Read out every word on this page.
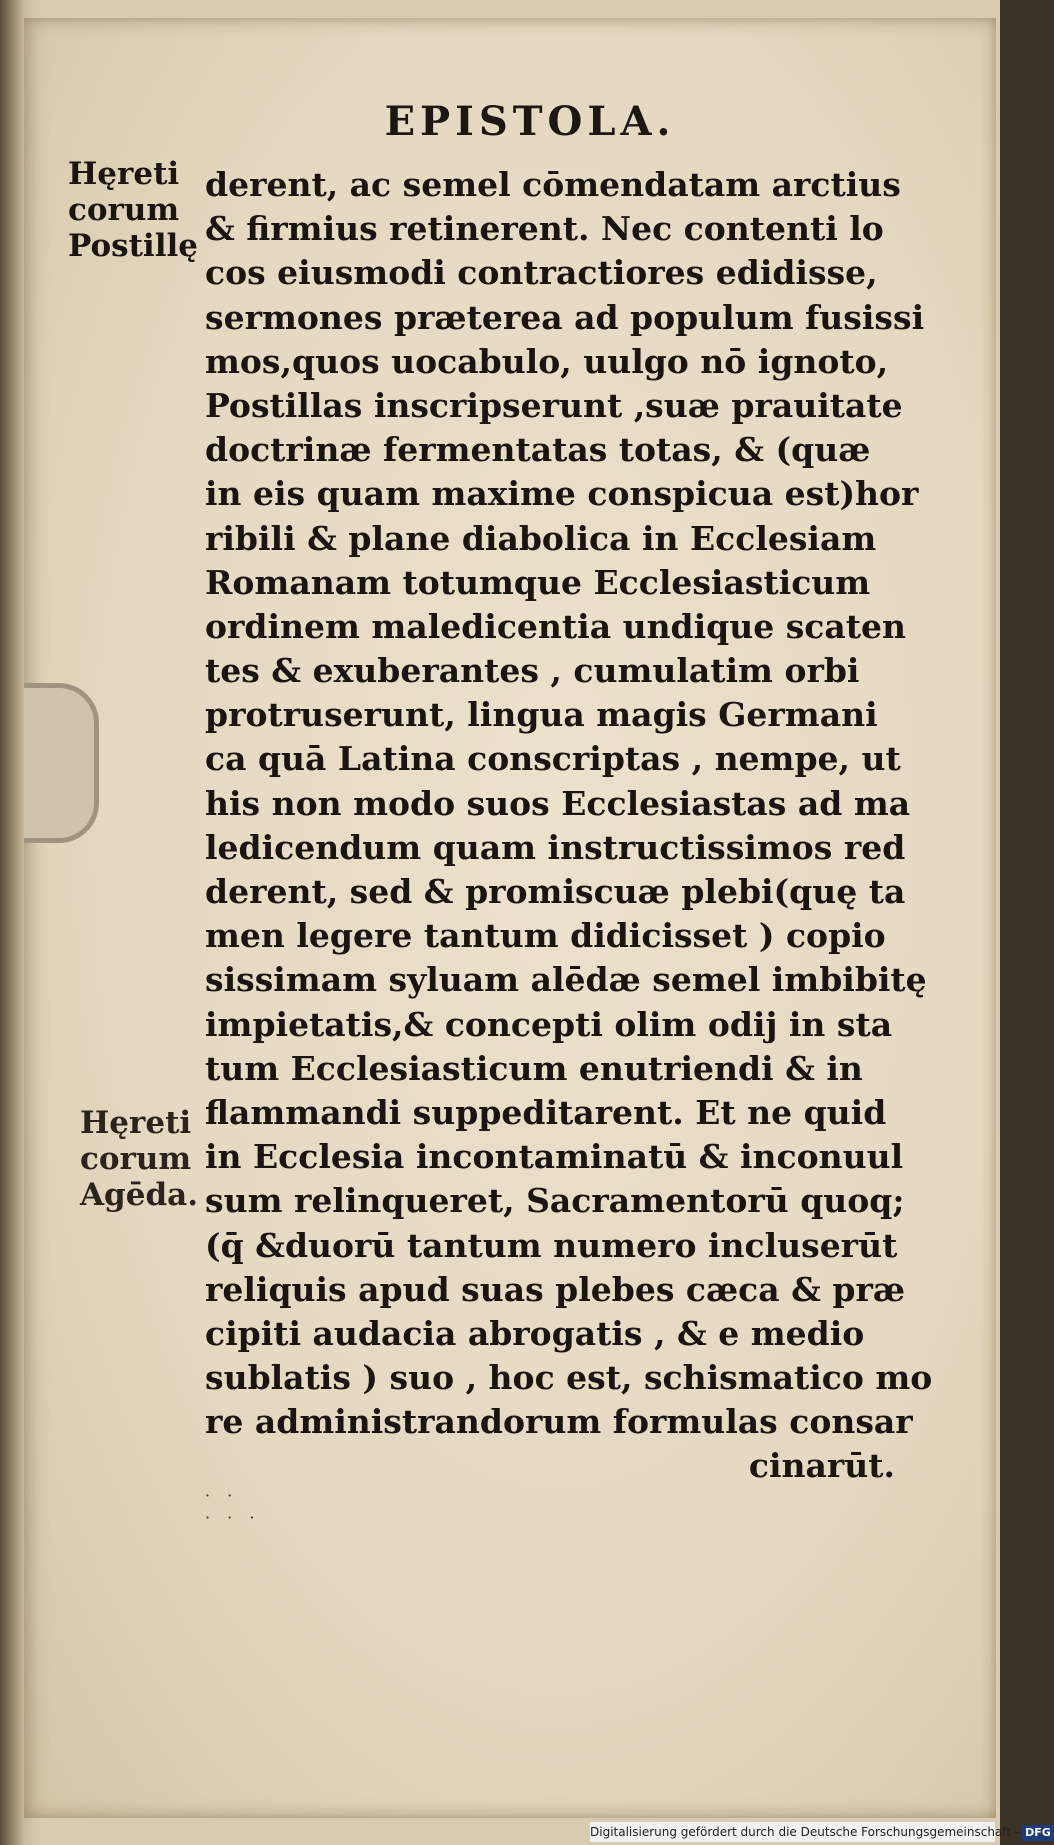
EPISTOLA.
Hęreti
corum
Postillę
Hęreti
corum
Agēda.
derent, ac semel cōmendatam arctius
& firmius retinerent. Nec contenti lo
cos eiusmodi contractiores edidisse,
sermones prӕterea ad populum fusissi
mos,quos uocabulo, uulgo nō ignoto,
Postillas inscripserunt ,suӕ prauitate
doctrinӕ fermentatas totas, & (quӕ
in eis quam maxime conspicua est)hor
ribili & plane diabolica in Ecclesiam
Romanam totumque Ecclesiasticum
ordinem maledicentia undique scaten
tes & exuberantes , cumulatim orbi
protruserunt, lingua magis Germani
ca quā Latina conscriptas , nempe, ut
his non modo suos Ecclesiastas ad ma
ledicendum quam instructissimos red
derent, sed & promiscuӕ plebi(quę ta
men legere tantum didicisset ) copio
sissimam syluam alēdӕ semel imbibitę
impietatis,& concepti olim odij in sta
tum Ecclesiasticum enutriendi & in
flammandi suppeditarent. Et ne quid
in Ecclesia incontaminatū & inconuul
sum relinqueret, Sacramentorū quoq;
(q̄ &duorū tantum numero incluserūt
reliquis apud suas plebes cӕca & prӕ
cipiti audacia abrogatis , & e medio
sublatis ) suo , hoc est, schismatico mo
re administrandorum formulas consar
cinarūt.
· ·
· · ·
Digitalisierung gefördert durch die Deutsche Forschungsgemeinschaft - DFG
